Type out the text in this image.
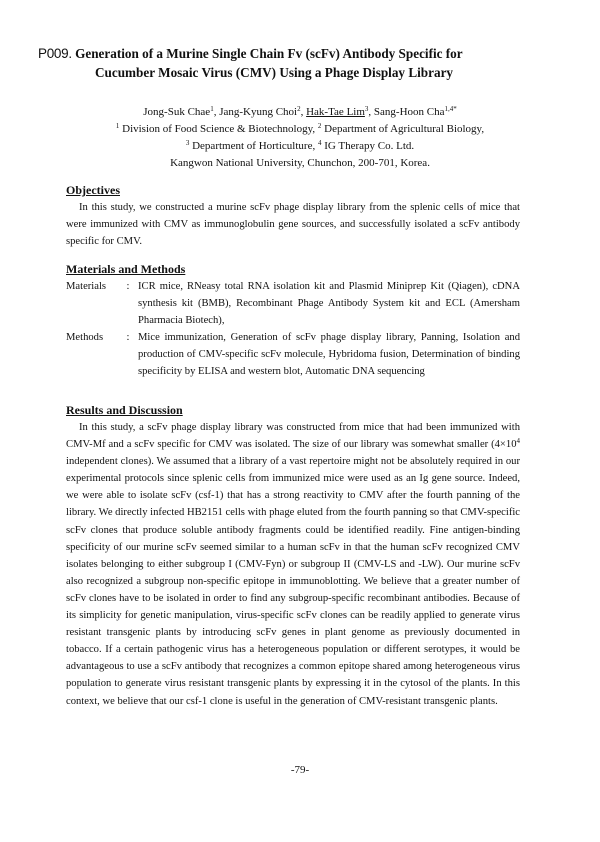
P009. Generation of a Murine Single Chain Fv (scFv) Antibody Specific for
Cucumber Mosaic Virus (CMV) Using a Phage Display Library
Jong-Suk Chae$^1$, Jang-Kyung Choi$^2$, Hak-Tae Lim$^3$, Sang-Hoon Cha$^{1,4*}$
$^1$ Division of Food Science & Biotechnology, $^2$ Department of Agricultural Biology,
$^3$ Department of Horticulture, $^4$ IG Therapy Co. Ltd.
Kangwon National University, Chunchon, 200-701, Korea.
Objectives
In this study, we constructed a murine scFv phage display library from the splenic cells of mice that were immunized with CMV as immunoglobulin gene sources, and successfully isolated a scFv antibody specific for CMV.
Materials and Methods
Materials	: ICR mice, RNeasy total RNA isolation kit and Plasmid Miniprep Kit (Qiagen), cDNA synthesis kit (BMB), Recombinant Phage Antibody System kit and ECL (Amersham Pharmacia Biotech),
Methods	: Mice immunization, Generation of scFv phage display library, Panning, Isolation and production of CMV-specific scFv molecule, Hybridoma fusion, Determination of binding specificity by ELISA and western blot, Automatic DNA sequencing
Results and Discussion
In this study, a scFv phage display library was constructed from mice that had been immunized with CMV-Mf and a scFv specific for CMV was isolated. The size of our library was somewhat smaller ($4\times 10^4$ independent clones). We assumed that a library of a vast repertoire might not be absolutely required in our experimental protocols since splenic cells from immunized mice were used as an Ig gene source. Indeed, we were able to isolate scFv (csf-1) that has a strong reactivity to CMV after the fourth panning of the library. We directly infected HB2151 cells with phage eluted from the fourth panning so that CMV-specific scFv clones that produce soluble antibody fragments could be identified readily. Fine antigen-binding specificity of our murine scFv seemed similar to a human scFv in that the human scFv recognized CMV isolates belonging to either subgroup I (CMV-Fyn) or subgroup II (CMV-LS and -LW). Our murine scFv also recognized a subgroup non-specific epitope in immunoblotting. We believe that a greater number of scFv clones have to be isolated in order to find any subgroup-specific recombinant antibodies. Because of its simplicity for genetic manipulation, virus-specific scFv clones can be readily applied to generate virus resistant transgenic plants by introducing scFv genes in plant genome as previously documented in tobacco. If a certain pathogenic virus has a heterogeneous population or different serotypes, it would be advantageous to use a scFv antibody that recognizes a common epitope shared among heterogeneous virus population to generate virus resistant transgenic plants by expressing it in the cytosol of the plants. In this context, we believe that our csf-1 clone is useful in the generation of CMV-resistant transgenic plants.
-79-
